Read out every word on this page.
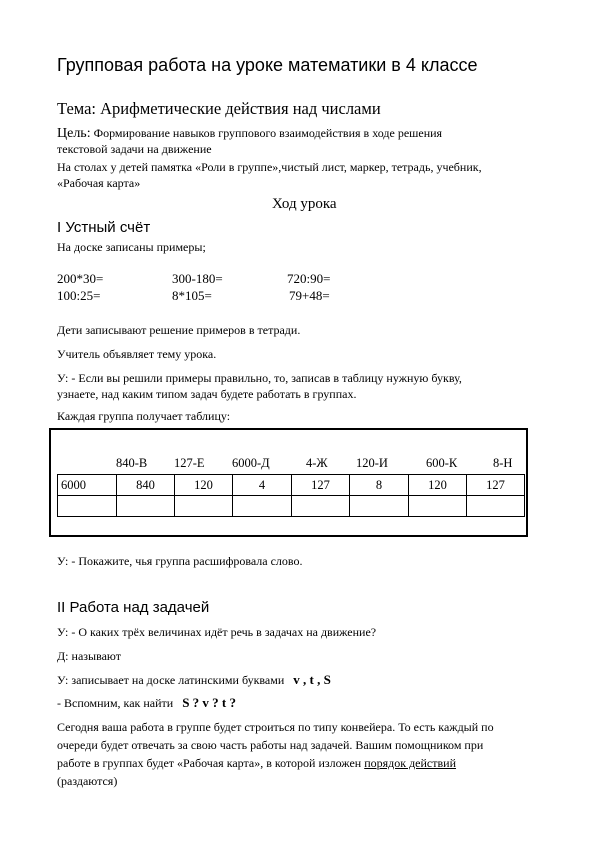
Групповая работа на уроке математики в 4 классе
Тема: Арифметические действия над числами
Цель: Формирование навыков группового взаимодействия в ходе решения
текстовой задачи на движение
На столах у детей памятка «Роли в группе»,чистый лист, маркер, тетрадь, учебник,
«Рабочая карта»
Ход урока
I Устный счёт
На доске записаны примеры;
200*30=	300-180=	720:90=
100:25=	8*105=	79+48=
Дети записывают решение примеров в тетради.
Учитель объявляет тему урока.
У: - Если вы решили примеры правильно, то, записав в таблицу нужную букву,
узнаете, над каким типом задач будете работать в группах.
Каждая группа получает таблицу:
840-В 127-Е 6000-Д	4-Ж 120-И	600-К	8-Н
6000	840	120	4	127	8	120	127

У: - Покажите, чья группа расшифровала слово.
II Работа над задачей
У: - О каких трёх величинах идёт речь в задачах на движение?
Д: называют
У: записывает на доске латинскими буквами v , t , S
- Вспомним, как найти S ? v ? t ?
Сегодня ваша работа в группе будет строиться по типу конвейера. То есть каждый по
очереди будет отвечать за свою часть работы над задачей. Вашим помощником при
работе в группах будет «Рабочая карта», в которой изложен порядок действий
(раздаются)
